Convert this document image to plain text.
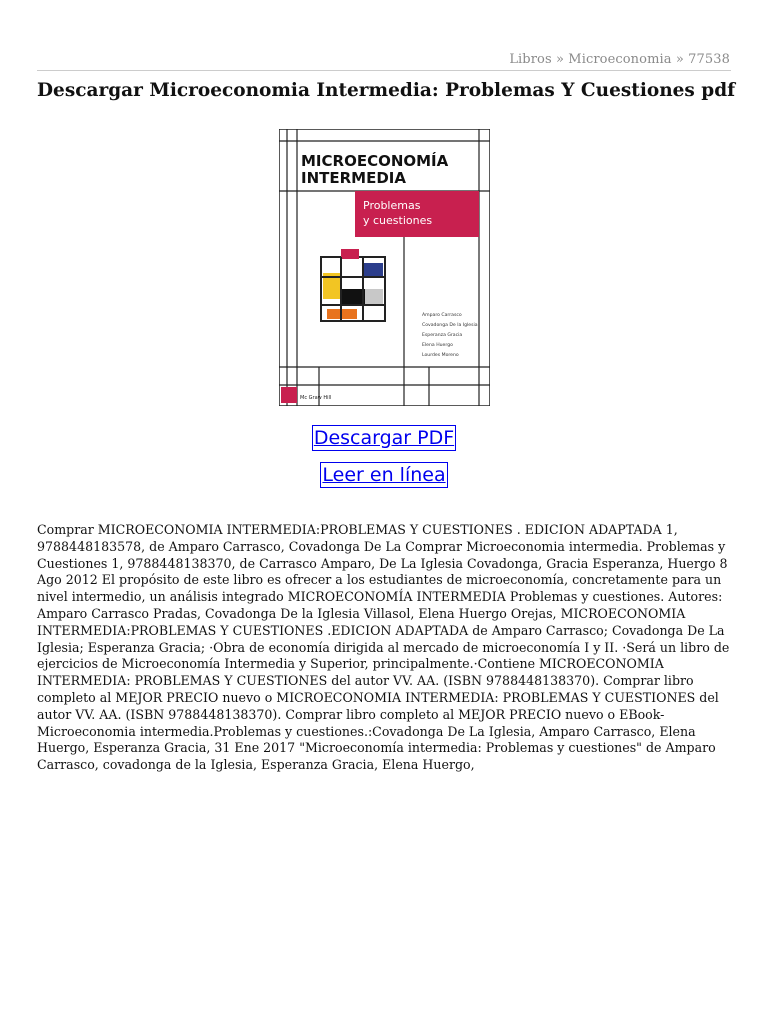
Libros » Microeconomia » 77538
Descargar Microeconomia Intermedia: Problemas Y Cuestiones pdf
MICROECONOMÍA
INTERMEDIA
Problemas
y cuestiones
Amparo Carrasco
Covadonga De la Iglesia
Esperanza Gracia
Elena Huergo
Lourdes Moreno
Mc Graw Hill
Descargar PDF
Leer en línea

Comprar MICROECONOMIA INTERMEDIA:PROBLEMAS Y CUESTIONES . EDICION ADAPTADA 1, 9788448183578, de Amparo Carrasco, Covadonga De La Comprar Microeconomia intermedia. Problemas y Cuestiones 1, 9788448138370, de Carrasco Amparo, De La Iglesia Covadonga, Gracia Esperanza, Huergo 8 Ago 2012 El propósito de este libro es ofrecer a los estudiantes de microeconomía, concretamente para un nivel intermedio, un análisis integrado MICROECONOMÍA INTERMEDIA Problemas y cuestiones. Autores: Amparo Carrasco Pradas, Covadonga De la Iglesia Villasol, Elena Huergo Orejas, MICROECONOMIA INTERMEDIA:PROBLEMAS Y CUESTIONES .EDICION ADAPTADA de Amparo Carrasco; Covadonga De La Iglesia; Esperanza Gracia; ·Obra de economía dirigida al mercado de microeconomía I y II. ·Será un libro de ejercicios de Microeconomía Intermedia y Superior, principalmente.·Contiene MICROECONOMIA INTERMEDIA: PROBLEMAS Y CUESTIONES del autor VV. AA. (ISBN 9788448138370). Comprar libro completo al MEJOR PRECIO nuevo o MICROECONOMIA INTERMEDIA: PROBLEMAS Y CUESTIONES del autor VV. AA. (ISBN 9788448138370). Comprar libro completo al MEJOR PRECIO nuevo o EBook-Microeconomia intermedia.Problemas y cuestiones.:Covadonga De La Iglesia, Amparo Carrasco, Elena Huergo, Esperanza Gracia, 31 Ene 2017 "Microeconomía intermedia: Problemas y cuestiones" de Amparo Carrasco, covadonga de la Iglesia, Esperanza Gracia, Elena Huergo,
